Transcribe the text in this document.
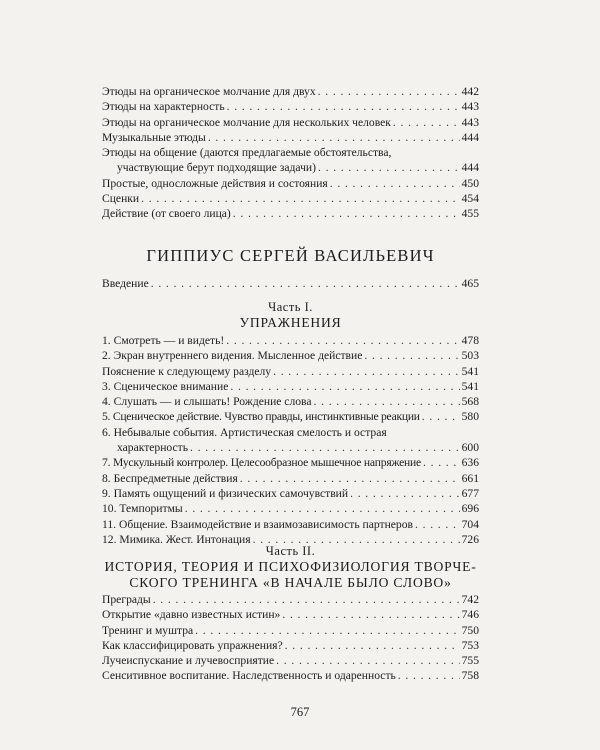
Этюды на органическое молчание для двух . . .	442
Этюды на характерность . . .	443
Этюды на органическое молчание для нескольких человек . . .	443
Музыкальные этюды . . .	444
Этюды на общение (даются предлагаемые обстоятельства,
участвующие берут подходящие задачи) . . .	444
Простые, односложные действия и состояния . . .	450
Сценки . . .	454
Действие (от своего лица) . . .	455
ГИППИУС СЕРГЕЙ ВАСИЛЬЕВИЧ
Введение . . .	465
Часть I.
УПРАЖНЕНИЯ
1. Смотреть — и видеть! . . .	478
2. Экран внутреннего видения. Мысленное действие . . .	503
Пояснение к следующему разделу . . .	541
3. Сценическое внимание . . .	541
4. Слушать — и слышать! Рождение слова . . .	568
5. Сценическое действие. Чувство правды, инстинктивные реакции . . .	580
6. Небывалые события. Артистическая смелость и острая
характерность . . .	600
7. Мускульный контролер. Целесообразное мышечное напряжение . . .	636
8. Беспредметные действия . . .	661
9. Память ощущений и физических самочувствий . . .	677
10. Темпоритмы . . .	696
11. Общение. Взаимодействие и взаимозависимость партнеров . . .	704
12. Мимика. Жест. Интонация . . .	726
Часть II.
ИСТОРИЯ, ТЕОРИЯ И ПСИХОФИЗИОЛОГИЯ ТВОРЧЕ-
СКОГО ТРЕНИНГА «В НАЧАЛЕ БЫЛО СЛОВО»
Преграды . . .	742
Открытие «давно известных истин» . . .	746
Тренинг и муштра . . .	750
Как классифицировать упражнения? . . .	753
Лучеиспускание и лучевосприятие . . .	755
Сенситивное воспитание. Наследственность и одаренность . . .	758
767
